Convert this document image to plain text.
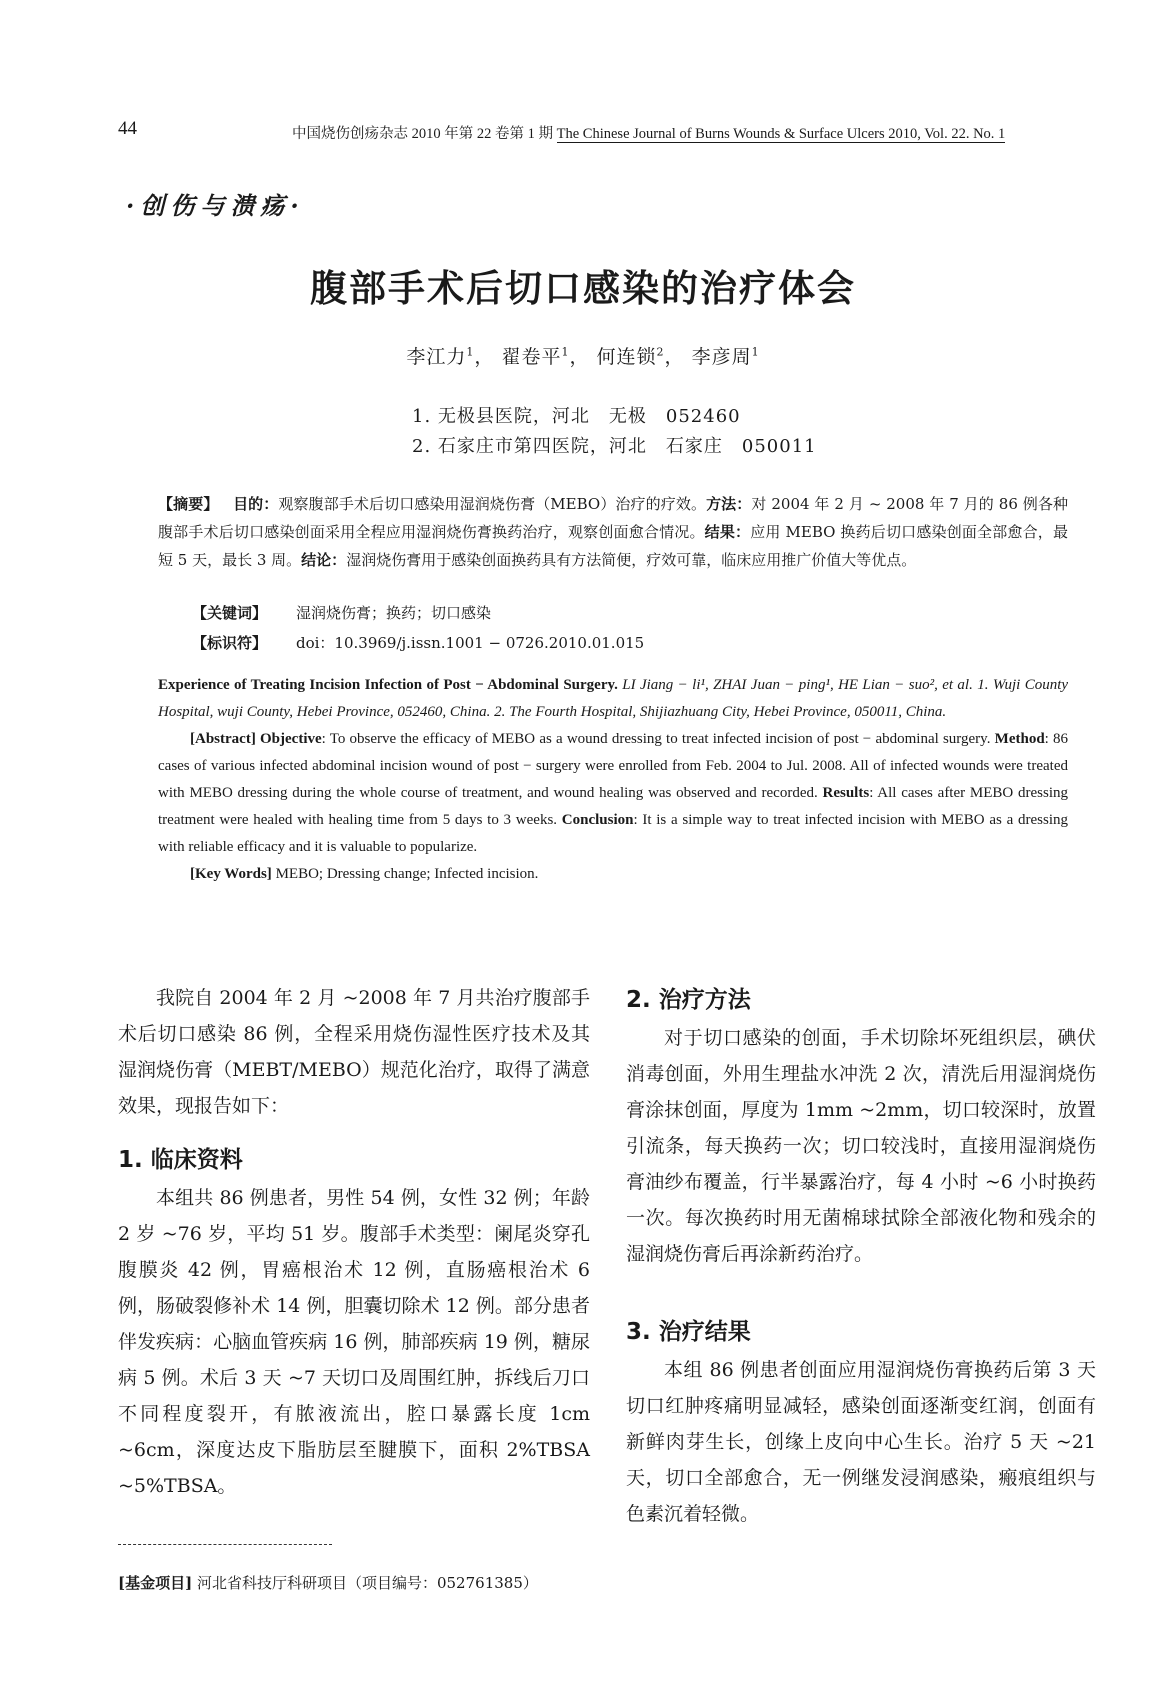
44	中国烧伤创疡杂志 2010 年第 22 卷第 1 期 The Chinese Journal of Burns Wounds & Surface Ulcers 2010, Vol. 22. No. 1
·创伤与溃疡·
腹部手术后切口感染的治疗体会
李江力$^1$， 翟卷平$^1$， 何连锁$^2$， 李彦周$^1$
1. 无极县医院，河北　无极　052460
2. 石家庄市第四医院，河北　石家庄　050011
【摘要】 目的：观察腹部手术后切口感染用湿润烧伤膏（MEBO）治疗的疗效。方法：对 2004 年 2 月 ~ 2008 年 7 月的 86 例各种腹部手术后切口感染创面采用全程应用湿润烧伤膏换药治疗，观察创面愈合情况。结果：应用 MEBO 换药后切口感染创面全部愈合，最短 5 天，最长 3 周。结论：湿润烧伤膏用于感染创面换药具有方法简便，疗效可靠，临床应用推广价值大等优点。
【关键词】 湿润烧伤膏；换药；切口感染
【标识符】 doi：10.3969/j.issn.1001 − 0726.2010.01.015

Experience of Treating Incision Infection of Post − Abdominal Surgery. LI Jiang − li¹, ZHAI Juan − ping¹, HE Lian − suo², et al. 1. Wuji County Hospital, wuji County, Hebei Province, 052460, China. 2. The Fourth Hospital, Shijiazhuang City, Hebei Province, 050011, China.

[Abstract] Objective: To observe the efficacy of MEBO as a wound dressing to treat infected incision of post − abdominal surgery. Method: 86 cases of various infected abdominal incision wound of post − surgery were enrolled from Feb. 2004 to Jul. 2008. All of infected wounds were treated with MEBO dressing during the whole course of treatment, and wound healing was observed and recorded. Results: All cases after MEBO dressing treatment were healed with healing time from 5 days to 3 weeks. Conclusion: It is a simple way to treat infected incision with MEBO as a dressing with reliable efficacy and it is valuable to popularize.

[Key Words] MEBO; Dressing change; Infected incision.

我院自 2004 年 2 月 ~2008 年 7 月共治疗腹部手术后切口感染 86 例，全程采用烧伤湿性医疗技术及其湿润烧伤膏（MEBT/MEBO）规范化治疗，取得了满意效果，现报告如下：

1. 临床资料

本组共 86 例患者，男性 54 例，女性 32 例；年龄 2 岁 ~76 岁，平均 51 岁。腹部手术类型：阑尾炎穿孔腹膜炎 42 例，胃癌根治术 12 例，直肠癌根治术 6 例，肠破裂修补术 14 例，胆囊切除术 12 例。部分患者伴发疾病：心脑血管疾病 16 例，肺部疾病 19 例，糖尿病 5 例。术后 3 天 ~7 天切口及周围红肿，拆线后刀口不同程度裂开，有脓液流出，腔口暴露长度 1cm ~6cm，深度达皮下脂肪层至腱膜下，面积 2%TBSA ~5%TBSA。

2. 治疗方法

对于切口感染的创面，手术切除坏死组织层，碘伏消毒创面，外用生理盐水冲洗 2 次，清洗后用湿润烧伤膏涂抹创面，厚度为 1mm ~2mm，切口较深时，放置引流条，每天换药一次；切口较浅时，直接用湿润烧伤膏油纱布覆盖，行半暴露治疗，每 4 小时 ~6 小时换药一次。每次换药时用无菌棉球拭除全部液化物和残余的湿润烧伤膏后再涂新药治疗。

3. 治疗结果

本组 86 例患者创面应用湿润烧伤膏换药后第 3 天切口红肿疼痛明显减轻，感染创面逐渐变红润，创面有新鲜肉芽生长，创缘上皮向中心生长。治疗 5 天 ~21 天，切口全部愈合，无一例继发浸润感染，瘢痕组织与色素沉着轻微。

[基金项目] 河北省科技厅科研项目（项目编号：052761385）
